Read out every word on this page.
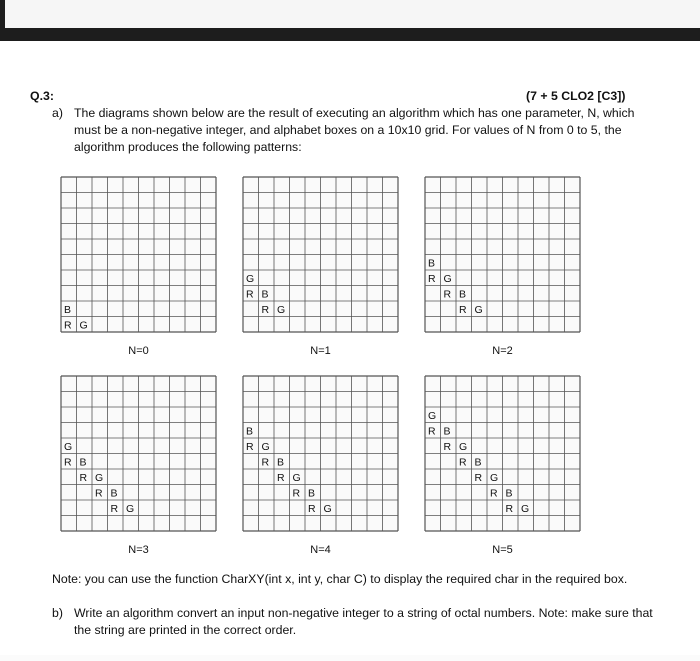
Q.3:	(7 + 5 CLO2 [C3])
a) The diagrams shown below are the result of executing an algorithm which has one parameter, N, which must be a non-negative integer, and alphabet boxes on a 10x10 grid. For values of N from 0 to 5, the algorithm produces the following patterns:
B
R G
N=0
G
R B
R G
N=1
B
R G
R B
R G
N=2
G
R B
R G
R B
R G
N=3
B
R G
R B
R G
R B
R G
N=4
G
R B
R G
R B
R G
R B
R G
N=5
Note: you can use the function CharXY(int x, int y, char C) to display the required char in the required box.
b) Write an algorithm convert an input non-negative integer to a string of octal numbers. Note: make sure that the string are printed in the correct order.
